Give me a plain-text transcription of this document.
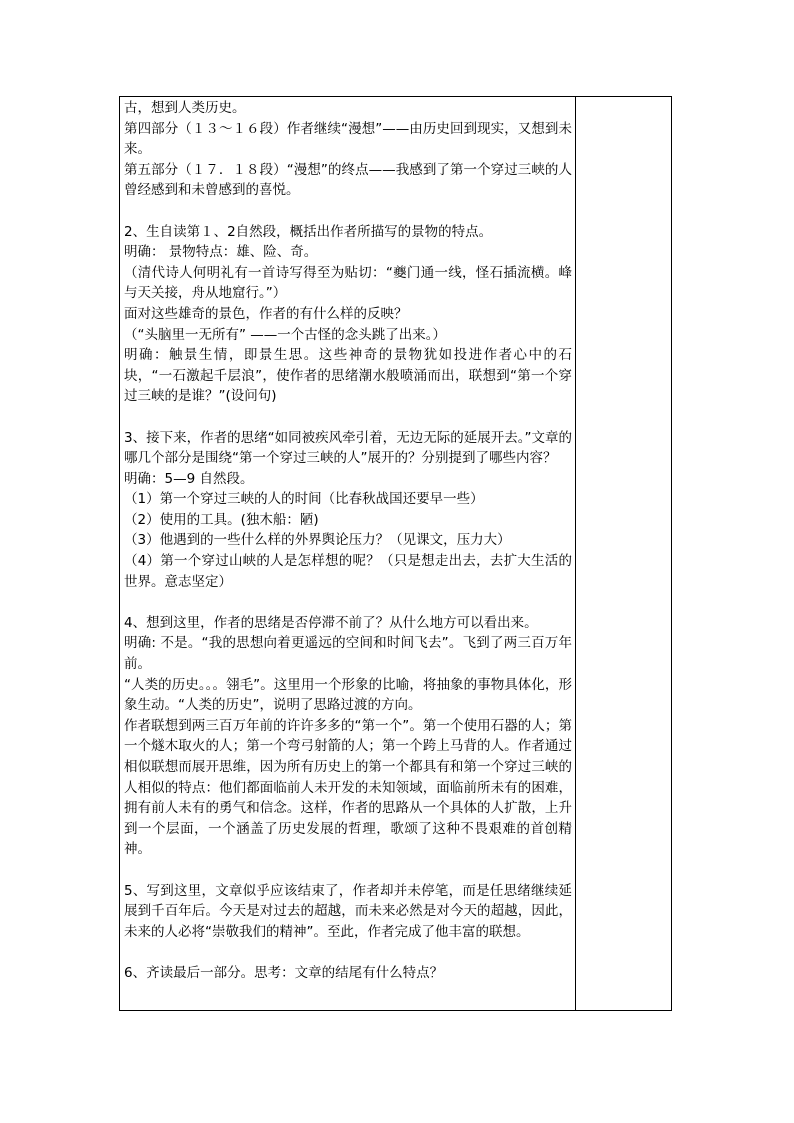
古，想到人类历史。

第四部分（１３～１６段）作者继续“漫想”——由历史回到现实，又想到未来。

第五部分（１７．１８段）“漫想”的终点——我感到了第一个穿过三峡的人曾经感到和未曾感到的喜悦。

2、生自读第１、2自然段，概括出作者所描写的景物的特点。

明确： 景物特点：雄、险、奇。

（清代诗人何明礼有一首诗写得至为贴切：“夔门通一线，怪石插流横。峰与天关接，舟从地窟行。”）

面对这些雄奇的景色，作者的有什么样的反映？

（“头脑里一无所有” ——一个古怪的念头跳了出来。）

明确：触景生情，即景生思。这些神奇的景物犹如投进作者心中的石块，“一石激起千层浪”，使作者的思绪潮水般喷涌而出，联想到“第一个穿过三峡的是谁？”(设问句)

3、接下来，作者的思绪“如同被疾风牵引着，无边无际的延展开去。”文章的哪几个部分是围绕“第一个穿过三峡的人”展开的？分别提到了哪些内容？

明确：5—9 自然段。

（1）第一个穿过三峡的人的时间（比春秋战国还要早一些）

（2）使用的工具。(独木船：陋)

（3）他遇到的一些什么样的外界舆论压力？（见课文，压力大）

（4）第一个穿过山峡的人是怎样想的呢？（只是想走出去，去扩大生活的世界。意志坚定）

4、想到这里，作者的思绪是否停滞不前了？从什么地方可以看出来。

明确: 不是。“我的思想向着更遥远的空间和时间飞去”。飞到了两三百万年前。

“人类的历史。。。翎毛”。这里用一个形象的比喻，将抽象的事物具体化，形象生动。“人类的历史”，说明了思路过渡的方向。

作者联想到两三百万年前的许许多多的“第一个”。第一个使用石器的人；第一个燧木取火的人；第一个弯弓射箭的人；第一个跨上马背的人。作者通过相似联想而展开思维，因为所有历史上的第一个都具有和第一个穿过三峡的人相似的特点：他们都面临前人未开发的未知领域，面临前所未有的困难，拥有前人未有的勇气和信念。这样，作者的思路从一个具体的人扩散，上升到一个层面，一个涵盖了历史发展的哲理，歌颂了这种不畏艰难的首创精神。

5、写到这里，文章似乎应该结束了，作者却并未停笔，而是任思绪继续延展到千百年后。今天是对过去的超越，而未来必然是对今天的超越，因此，未来的人必将“崇敬我们的精神”。至此，作者完成了他丰富的联想。

6、齐读最后一部分。思考：文章的结尾有什么特点？
